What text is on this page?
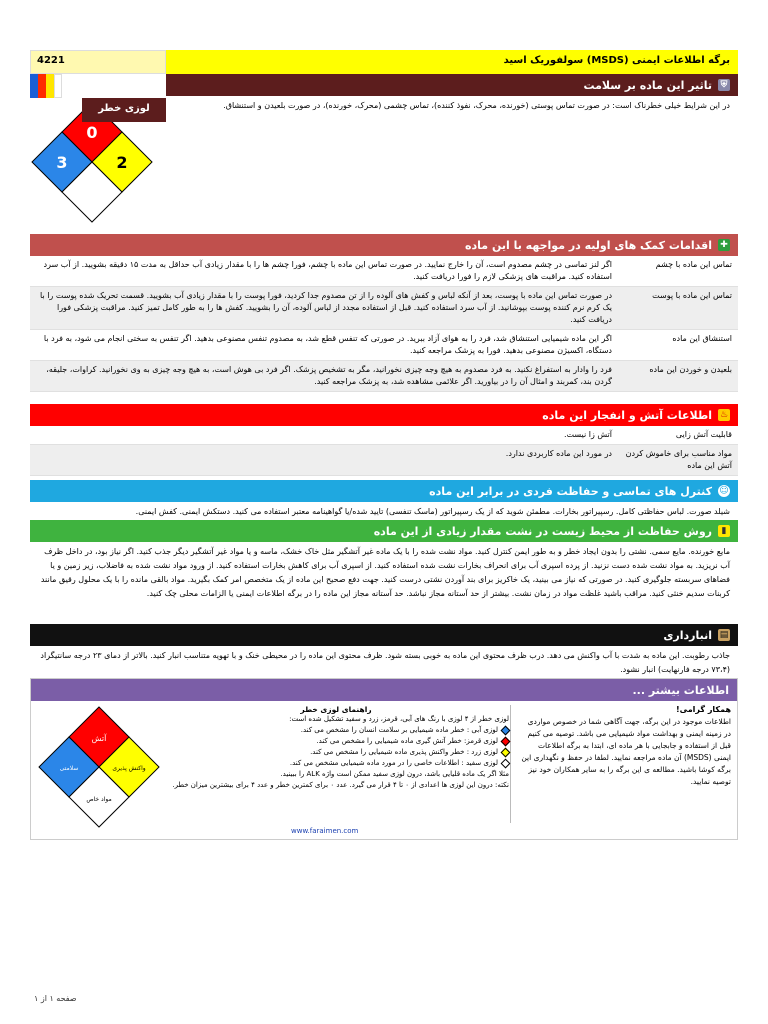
4221	برگه اطلاعات ایمنی (MSDS) سولفوریک اسید
لوزی خطر
0
3	2
⛨
تاثیر این ماده بر سلامت
در این شرایط خیلی خطرناک است: در صورت تماس پوستی (خورنده، محرک، نفوذ کننده)، تماس چشمی (محرک، خورنده)، در صورت بلعیدن و استنشاق.
✚
اقدامات کمک های اولیه در مواجهه با این ماده
تماس این ماده با چشم	اگر لنز تماسی در چشم مصدوم است، آن را خارج نمایید. در صورت تماس این ماده با چشم، فورا چشم ها را با مقدار زیادی آب حداقل به مدت ۱۵ دقیقه بشویید. از آب سرد استفاده کنید. مراقبت های پزشکی لازم را فورا دریافت کنید.
تماس این ماده با پوست	در صورت تماس این ماده با پوست، بعد از آنکه لباس و کفش های آلوده را از تن مصدوم جدا کردید، فورا پوست را با مقدار زیادی آب بشویید. قسمت تحریک شده پوست را با یک کرم نرم کننده پوست بپوشانید. از آب سرد استفاده کنید. قبل از استفاده مجدد از لباس آلوده، آن را بشویید. کفش ها را به طور کامل تمیز کنید. مراقبت پزشکی فورا دریافت کنید.
استنشاق این ماده	اگر این ماده شیمیایی استنشاق شد، فرد را به هوای آزاد ببرید. در صورتی که تنفس قطع شد، به مصدوم تنفس مصنوعی بدهید. اگر تنفس به سختی انجام می شود، به فرد با دستگاه، اکسیژن مصنوعی بدهید. فورا به پزشک مراجعه کنید.
بلعیدن و خوردن این ماده	فرد را وادار به استفراغ نکنید. به فرد مصدوم به هیچ وجه چیزی نخورانید، مگر به تشخیص پزشک. اگر فرد بی هوش است، به هیچ وجه چیزی به وی نخورانید. کراوات، جلیقه، گردن بند، کمربند و امثال آن را در بیاورید. اگر علائمی مشاهده شد، به پزشک مراجعه کنید.
♨
اطلاعات آتش و انفجار این ماده
قابلیت آتش زایی	آتش زا نیست.
مواد مناسب برای خاموش کردن آتش این ماده	در مورد این ماده کاربردی ندارد.
☺
کنترل های تماسی و حفاظت فردی در برابر این ماده
شیلد صورت. لباس حفاظتی کامل. رسپیراتور بخارات. مطمئن شوید که از یک رسپیراتور (ماسک تنفسی) تایید شده/یا گواهینامه معتبر استفاده می کنید. دستکش ایمنی. کفش ایمنی.
▮
روش حفاظت از محیط زیست در نشت مقدار زیادی از این ماده
مایع خورنده. مایع سمی. نشتی را بدون ایجاد خطر و به طور ایمن کنترل کنید. مواد نشت شده را با یک ماده غیر آتشگیر مثل خاک خشک، ماسه و یا مواد غیر آتشگیر دیگر جذب کنید. اگر نیاز بود، در داخل ظرف آب نریزید. به مواد نشت شده دست نزنید. از پرده اسپری آب برای انحراف بخارات نشت شده استفاده کنید. از اسپری آب برای کاهش بخارات استفاده کنید. از ورود مواد نشت شده به فاضلاب، زیر زمین و یا فضاهای سربسته جلوگیری کنید. در صورتی که نیاز می بینید، یک خاکریز برای بند آوردن نشتی درست کنید. جهت دفع صحیح این ماده از یک متخصص امر کمک بگیرید. مواد بالقی مانده را با یک محلول رقیق مانند کربنات سدیم خنثی کنید. مراقب باشید غلظت مواد در زمان نشت. بیشتر از حد آستانه مجاز نباشد. حد آستانه مجاز این ماده را در برگه اطلاعات ایمنی یا الزامات محلی چک کنید.
▤
انبارداری
جاذب رطوبت. این ماده به شدت با آب واکنش می دهد. درب ظرف محتوی این ماده به خوبی بسته شود. ظرف محتوی این ماده را در محیطی خنک و با تهویه متناسب انبار کنید. بالاتر از دمای ۲۳ درجه سانتیگراد (۷۳،۴ درجه فارنهایت) انبار نشود.
اطلاعات بیشتر ...
همکار گرامی!
اطلاعات موجود در این برگه، جهت آگاهی شما در خصوص مواردی در زمینه ایمنی و بهداشت مواد شیمیایی می باشد. توصیه می کنیم قبل از استفاده و جابجایی با هر ماده ای، ابتدا به برگه اطلاعات ایمنی (MSDS) آن ماده مراجعه نمایید. لطفا در حفظ و نگهداری این برگه کوشا باشید. مطالعه ی این برگه را به سایر همکاران خود نیز توصیه نمایید.
راهنمای لوزی خطر
لوزی خطر از ۴ لوزی با رنگ های آبی، قرمز، زرد و سفید تشکیل شده است:
لوزی آبی : خطر ماده شیمیایی بر سلامت انسان را مشخص می کند.
لوزی قرمز: خطر آتش گیری ماده شیمیایی را مشخص می کند.
لوزی زرد : خطر واکنش پذیری ماده شیمیایی را مشخص می کند.
لوزی سفید : اطلاعات خاصی را در مورد ماده شیمیایی مشخص می کند.
مثلا اگر یک ماده قلیایی باشد، درون لوزی سفید ممکن است واژه ALK را ببینید.
نکته: درون این لوزی ها اعدادی از ۰ تا ۴ قرار می گیرد. عدد ۰ برای کمترین خطر و عدد ۴ برای بیشترین میزان خطر.
آتش
سلامتی	واکنش پذیری
مواد خاص
www.faraimen.com
صفحه ۱ از ۱
